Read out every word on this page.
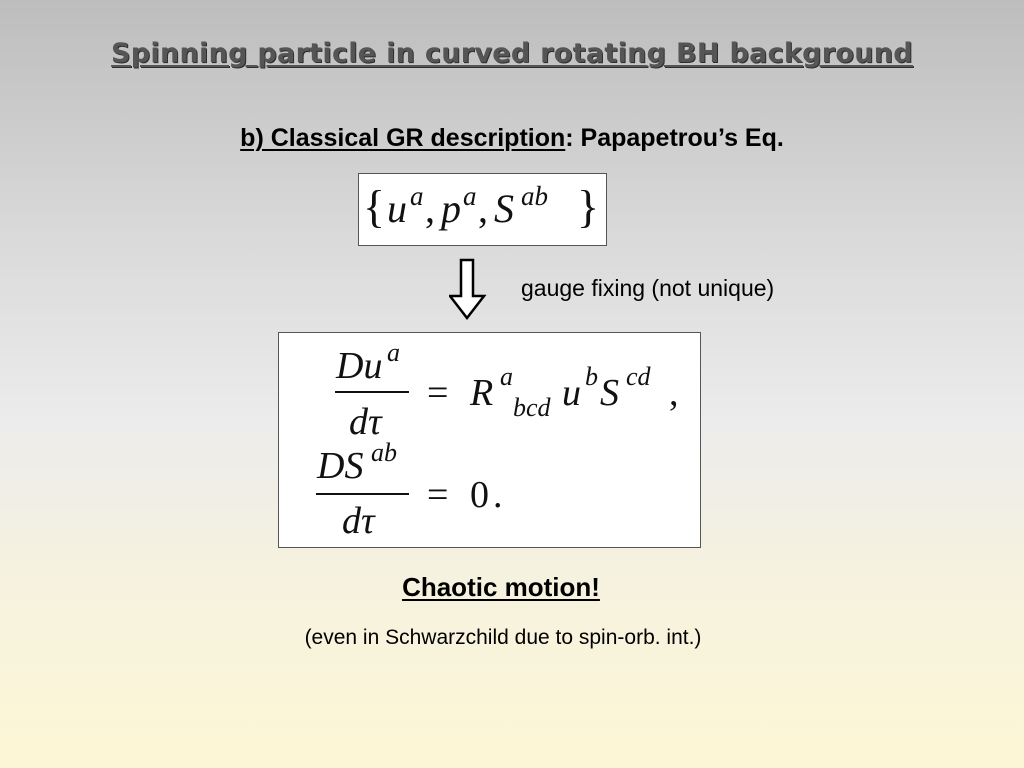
Spinning particle in curved rotating BH background
b) Classical GR description: Papapetrou’s Eq.
{ u a , p a , S ab }
gauge fixing (not unique)
Du a
dτ
= R a
bcd u b S cd ,
DS ab
dτ
= 0 .
Chaotic motion!
(even in Schwarzchild due to spin-orb. int.)
